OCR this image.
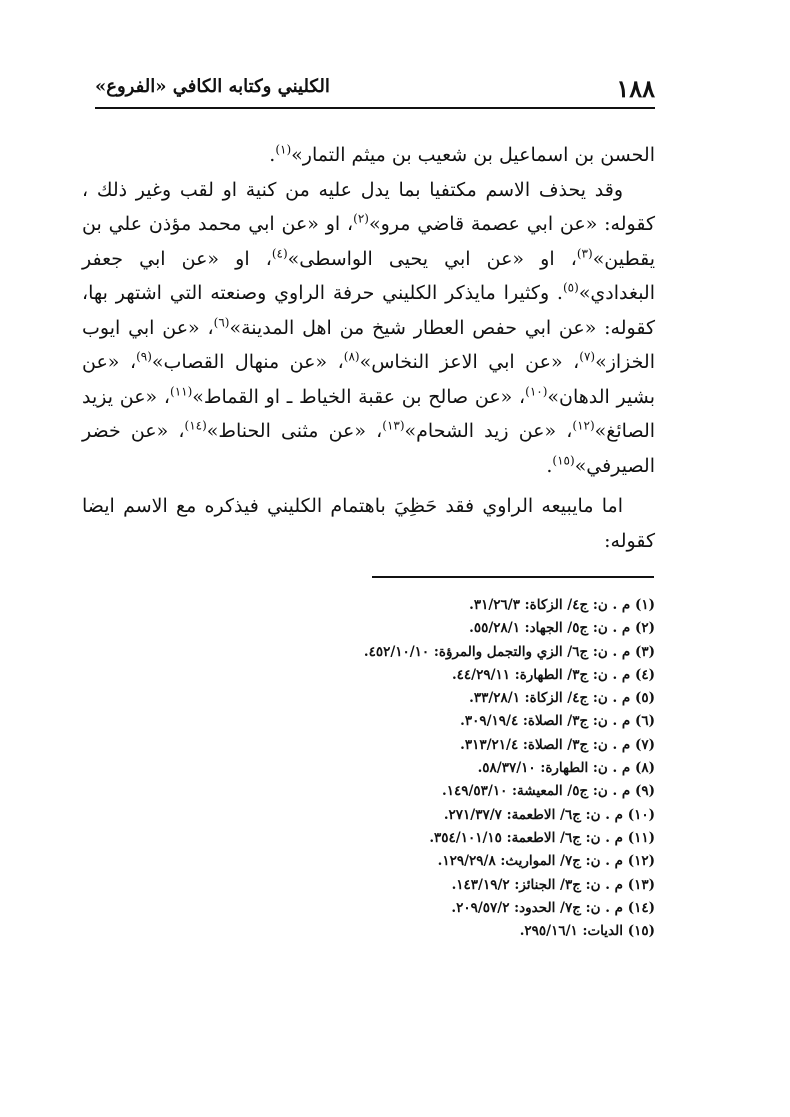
١٨٨
الكليني وكتابه الكافي «الفروع»

الحسن بن اسماعيل بن شعيب بن ميثم التمار»$^{(١)}$.

وقد يحذف الاسم مكتفيا بما يدل عليه من كنية او لقب وغير ذلك ، كقوله: «عن ابي عصمة قاضي مرو»$^{(٢)}$، او «عن ابي محمد مؤذن علي بن يقطين»$^{(٣)}$، او «عن ابي يحيى الواسطى»$^{(٤)}$، او «عن ابي جعفر البغدادي»$^{(٥)}$. وكثيرا مايذكر الكليني حرفة الراوي وصنعته التي اشتهر بها، كقوله: «عن ابي حفص العطار شيخ من اهل المدينة»$^{(٦)}$، «عن ابي ايوب الخزاز»$^{(٧)}$، «عن ابي الاعز النخاس»$^{(٨)}$، «عن منهال القصاب»$^{(٩)}$، «عن بشير الدهان»$^{(١٠)}$، «عن صالح بن عقبة الخياط ـ او القماط»$^{(١١)}$، «عن يزيد الصائغ»$^{(١٢)}$، «عن زيد الشحام»$^{(١٣)}$، «عن مثنى الحناط»$^{(١٤)}$، «عن خضر الصيرفي»$^{(١٥)}$.

اما مايبيعه الراوي فقد حَظِيَ باهتمام الكليني فيذكره مع الاسم ايضا كقوله:

(١) م . ن: ج٤/ الزكاة: ٣١/٢٦/٣.

(٢) م . ن: ج٥/ الجهاد: ٥٥/٢٨/١.

(٣) م . ن: ج٦/ الزي والتجمل والمرؤة: ٤٥٢/١٠/١٠.

(٤) م . ن: ج٣/ الطهارة: ٤٤/٢٩/١١.

(٥) م . ن: ج٤/ الزكاة: ٣٣/٢٨/١.

(٦) م . ن: ج٣/ الصلاة: ٣٠٩/١٩/٤.

(٧) م . ن: ج٣/ الصلاة: ٣١٣/٢١/٤.

(٨) م . ن: الطهارة: ٥٨/٣٧/١٠.

(٩) م . ن: ج٥/ المعيشة: ١٤٩/٥٣/١٠.

(١٠) م . ن: ج٦/ الاطعمة: ٢٧١/٣٧/٧.

(١١) م . ن: ج٦/ الاطعمة: ٣٥٤/١٠١/١٥.

(١٢) م . ن: ج٧/ المواريث: ١٢٩/٢٩/٨.

(١٣) م . ن: ج٣/ الجنائز: ١٤٣/١٩/٢.

(١٤) م . ن: ج٧/ الحدود: ٢٠٩/٥٧/٢.

(١٥) الديات: ٢٩٥/١٦/١.
